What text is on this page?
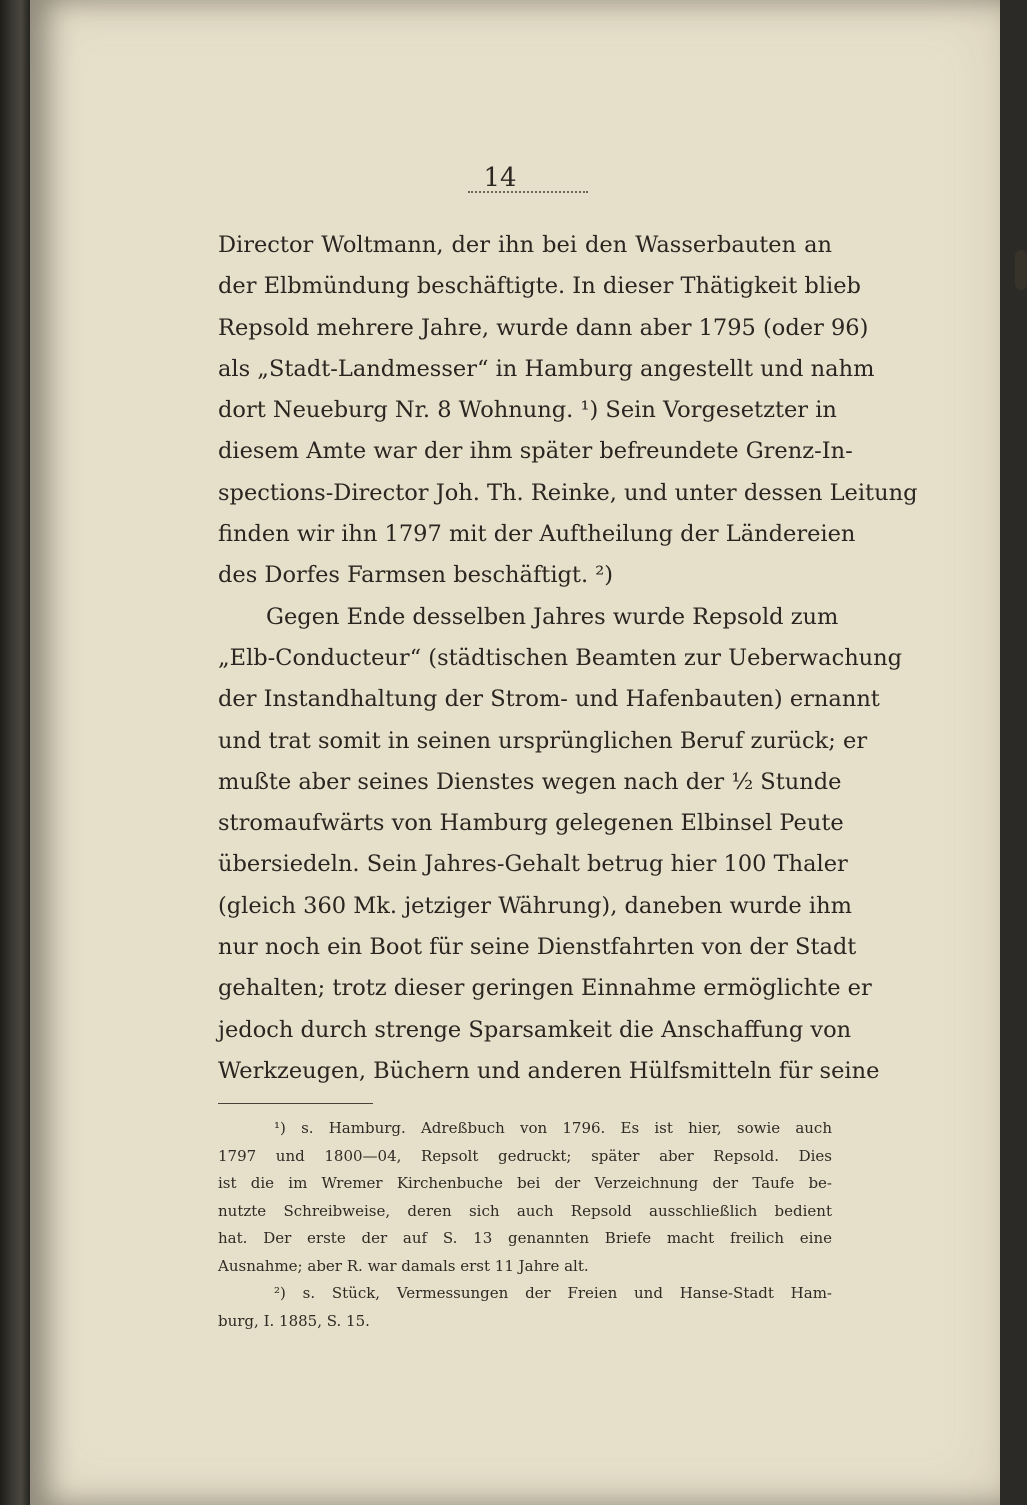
14
Director Woltmann, der ihn bei den Wasserbauten an
der Elbmündung beschäftigte. In dieser Thätigkeit blieb
Repsold mehrere Jahre, wurde dann aber 1795 (oder 96)
als „Stadt-Landmesser“ in Hamburg angestellt und nahm
dort Neueburg Nr. 8 Wohnung. ¹) Sein Vorgesetzter in
diesem Amte war der ihm später befreundete Grenz-In-
spections-Director Joh. Th. Reinke, und unter dessen Leitung
finden wir ihn 1797 mit der Auftheilung der Ländereien
des Dorfes Farmsen beschäftigt. ²)
Gegen Ende desselben Jahres wurde Repsold zum
„Elb-Conducteur“ (städtischen Beamten zur Ueberwachung
der Instandhaltung der Strom- und Hafenbauten) ernannt
und trat somit in seinen ursprünglichen Beruf zurück; er
mußte aber seines Dienstes wegen nach der ½ Stunde
stromaufwärts von Hamburg gelegenen Elbinsel Peute
übersiedeln. Sein Jahres-Gehalt betrug hier 100 Thaler
(gleich 360 Mk. jetziger Währung), daneben wurde ihm
nur noch ein Boot für seine Dienstfahrten von der Stadt
gehalten; trotz dieser geringen Einnahme ermöglichte er
jedoch durch strenge Sparsamkeit die Anschaffung von
Werkzeugen, Büchern und anderen Hülfsmitteln für seine
¹) s. Hamburg. Adreßbuch von 1796. Es ist hier, sowie auch
1797 und 1800—04, Repsolt gedruckt; später aber Repsold. Dies
ist die im Wremer Kirchenbuche bei der Verzeichnung der Taufe be-
nutzte Schreibweise, deren sich auch Repsold ausschließlich bedient
hat. Der erste der auf S. 13 genannten Briefe macht freilich eine
Ausnahme; aber R. war damals erst 11 Jahre alt.
²) s. Stück, Vermessungen der Freien und Hanse-Stadt Ham-
burg, I. 1885, S. 15.
